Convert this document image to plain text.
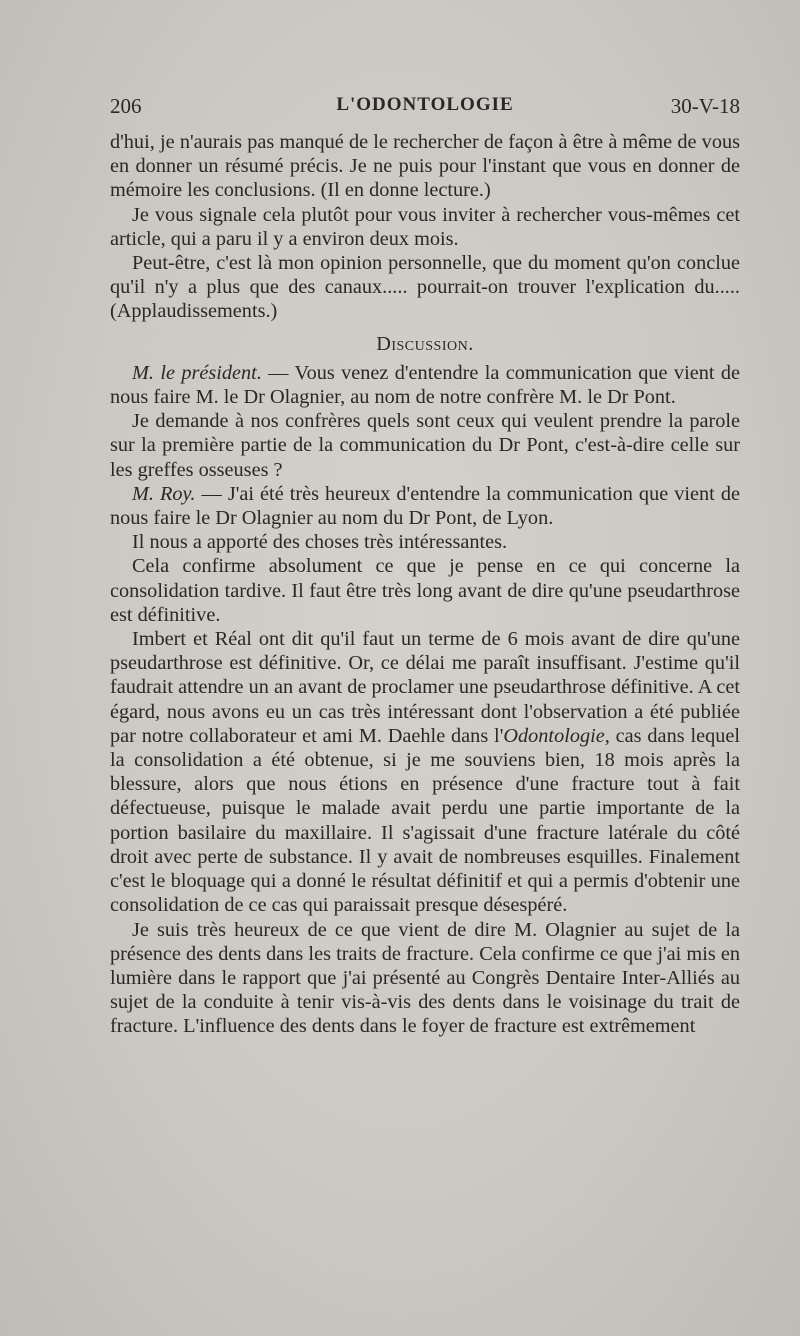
206	L'ODONTOLOGIE	30-V-18

d'hui, je n'aurais pas manqué de le rechercher de façon à être à même de vous en donner un résumé précis. Je ne puis pour l'instant que vous en donner de mémoire les conclusions. (Il en donne lecture.)

Je vous signale cela plutôt pour vous inviter à rechercher vous-mêmes cet article, qui a paru il y a environ deux mois.

Peut-être, c'est là mon opinion personnelle, que du moment qu'on conclue qu'il n'y a plus que des canaux..... pourrait-on trouver l'explication du..... (Applaudissements.)

Discussion.

M. le président. — Vous venez d'entendre la communication que vient de nous faire M. le Dr Olagnier, au nom de notre confrère M. le Dr Pont.

Je demande à nos confrères quels sont ceux qui veulent prendre la parole sur la première partie de la communication du Dr Pont, c'est-à-dire celle sur les greffes osseuses ?

M. Roy. — J'ai été très heureux d'entendre la communication que vient de nous faire le Dr Olagnier au nom du Dr Pont, de Lyon.

Il nous a apporté des choses très intéressantes.

Cela confirme absolument ce que je pense en ce qui concerne la consolidation tardive. Il faut être très long avant de dire qu'une pseudarthrose est définitive.

Imbert et Réal ont dit qu'il faut un terme de 6 mois avant de dire qu'une pseudarthrose est définitive. Or, ce délai me paraît insuffisant. J'estime qu'il faudrait attendre un an avant de proclamer une pseudarthrose définitive. A cet égard, nous avons eu un cas très intéressant dont l'observation a été publiée par notre collaborateur et ami M. Daehle dans l'Odontologie, cas dans lequel la consolidation a été obtenue, si je me souviens bien, 18 mois après la blessure, alors que nous étions en présence d'une fracture tout à fait défectueuse, puisque le malade avait perdu une partie importante de la portion basilaire du maxillaire. Il s'agissait d'une fracture latérale du côté droit avec perte de substance. Il y avait de nombreuses esquilles. Finalement c'est le bloquage qui a donné le résultat définitif et qui a permis d'obtenir une consolidation de ce cas qui paraissait presque désespéré.

Je suis très heureux de ce que vient de dire M. Olagnier au sujet de la présence des dents dans les traits de fracture. Cela confirme ce que j'ai mis en lumière dans le rapport que j'ai présenté au Congrès Dentaire Inter-Alliés au sujet de la conduite à tenir vis-à-vis des dents dans le voisinage du trait de fracture. L'influence des dents dans le foyer de fracture est extrêmement
